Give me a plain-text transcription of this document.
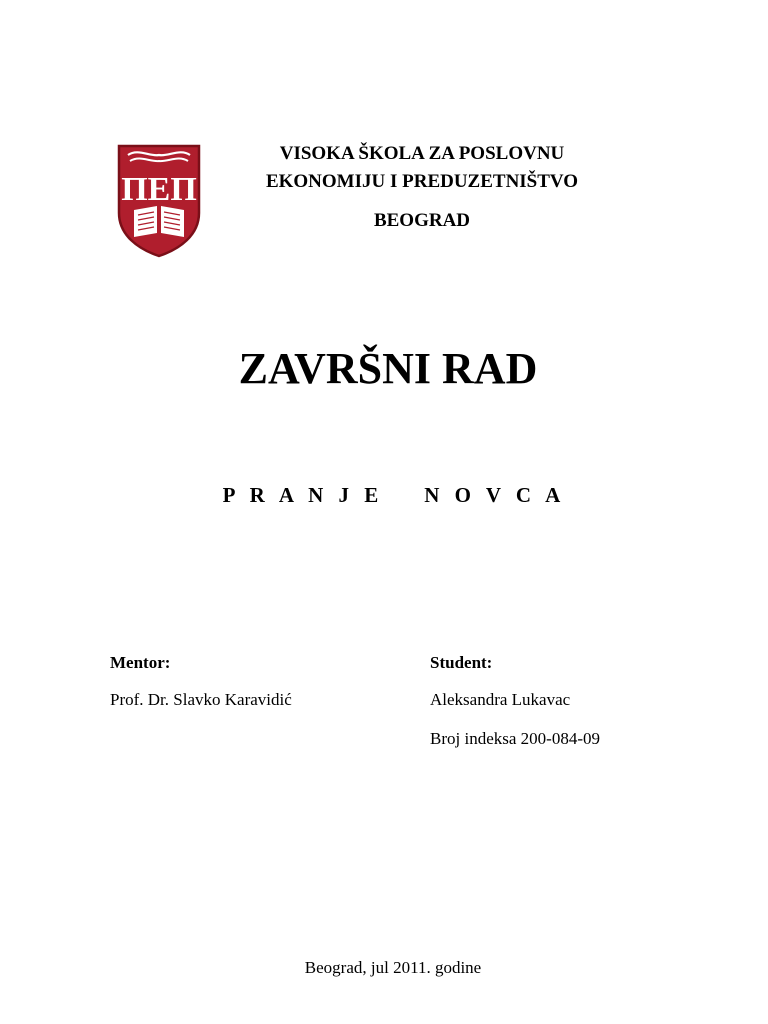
ПЕП
VISOKA ŠKOLA ZA POSLOVNU
EKONOMIJU I PREDUZETNIŠTVO
BEOGRAD
ZAVRŠNI RAD
P R A N J E    N O V C A
Mentor:
Prof. Dr. Slavko Karavidić
Student:
Aleksandra Lukavac
Broj indeksa 200-084-09
Beograd, jul 2011. godine
